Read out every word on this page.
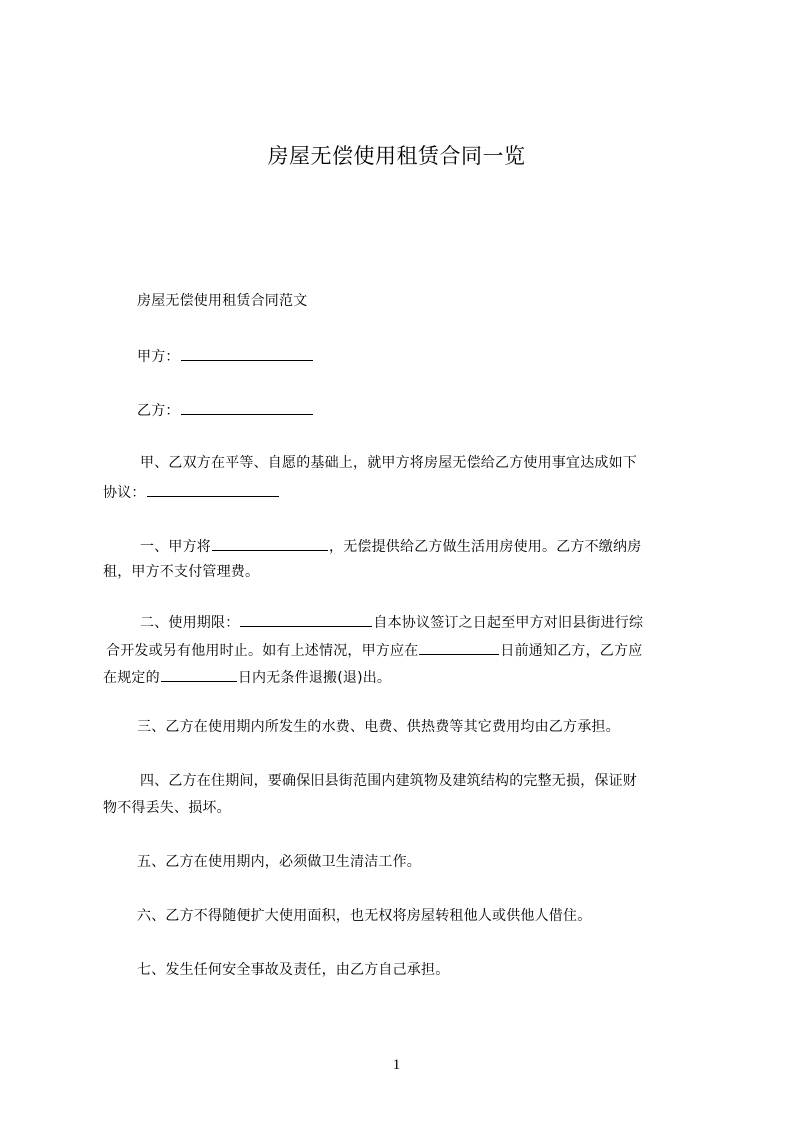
房屋无偿使用租赁合同一览
房屋无偿使用租赁合同范文
甲方：
乙方：
甲、乙双方在平等、自愿的基础上，就甲方将房屋无偿给乙方使用事宜达成如下
协议：
一、甲方将	，无偿提供给乙方做生活用房使用。乙方不缴纳房
租，甲方不支付管理费。
二、使用期限：	自本协议签订之日起至甲方对旧县街进行综
合开发或另有他用时止。如有上述情况，甲方应在	日前通知乙方，乙方应
在规定的	日内无条件退搬(退)出。
三、乙方在使用期内所发生的水费、电费、供热费等其它费用均由乙方承担。
四、乙方在住期间，要确保旧县街范围内建筑物及建筑结构的完整无损，保证财
物不得丢失、损坏。
五、乙方在使用期内，必须做卫生清洁工作。
六、乙方不得随便扩大使用面积，也无权将房屋转租他人或供他人借住。
七、发生任何安全事故及责任，由乙方自己承担。
1
